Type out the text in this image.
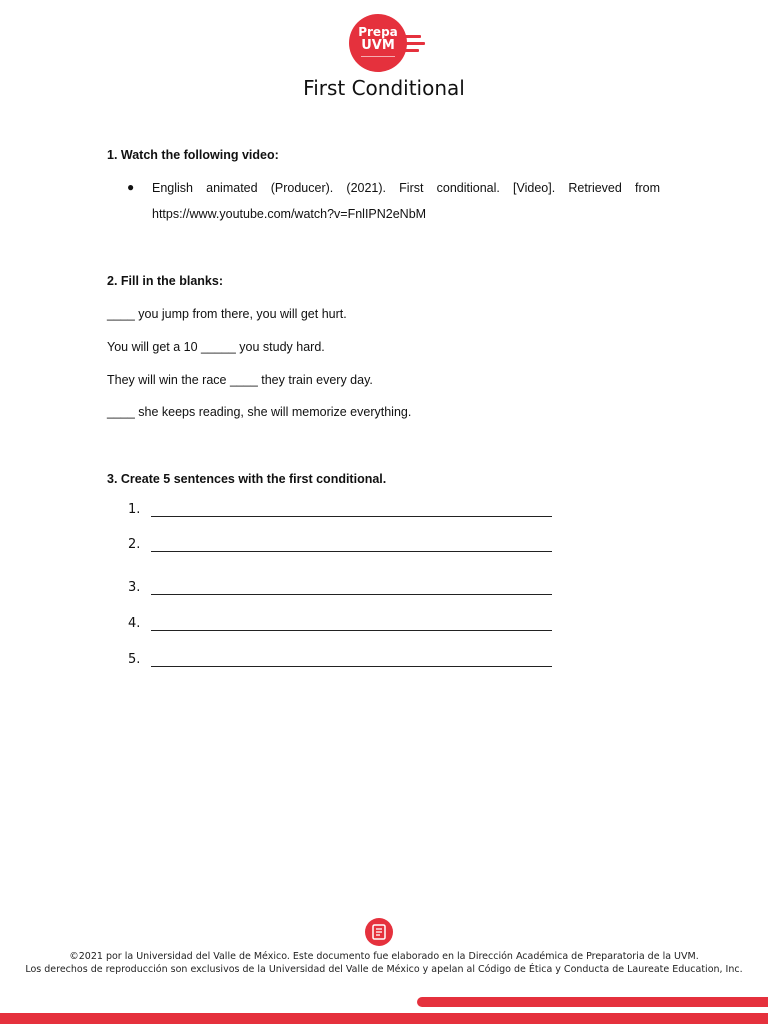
Prepa
UVM
First Conditional
1. Watch the following video:
● English animated (Producer). (2021). First conditional. [Video]. Retrieved from
https://www.youtube.com/watch?v=FnlIPN2eNbM
2. Fill in the blanks:
____ you jump from there, you will get hurt.
You will get a 10 _____ you study hard.
They will win the race ____ they train every day.
____ she keeps reading, she will memorize everything.
3. Create 5 sentences with the first conditional.
1.
2.
3.
4.
5.
©2021 por la Universidad del Valle de México. Este documento fue elaborado en la Dirección Académica de Preparatoria de la UVM.
Los derechos de reproducción son exclusivos de la Universidad del Valle de México y apelan al Código de Ética y Conducta de Laureate Education, Inc.
